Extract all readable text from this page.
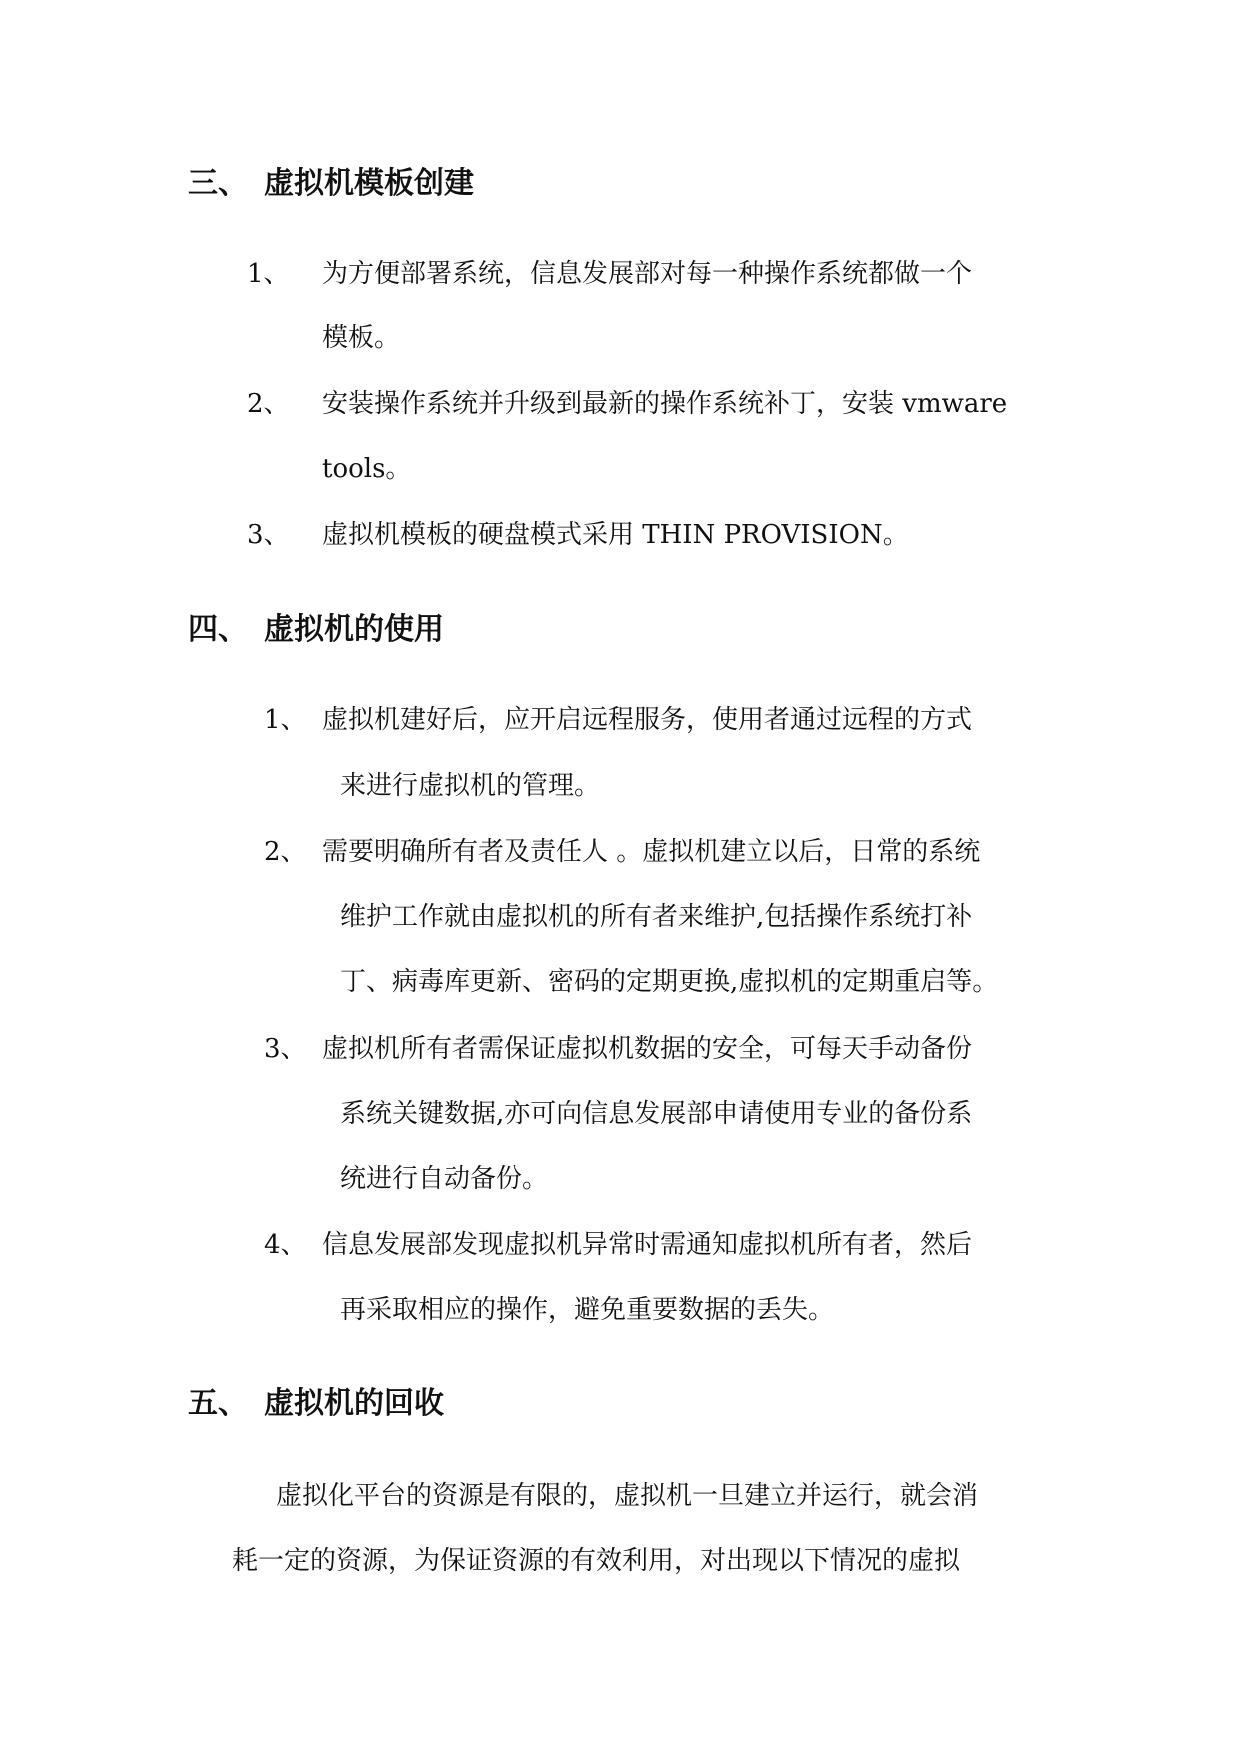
三、 虚拟机模板创建
1、 为方便部署系统，信息发展部对每一种操作系统都做一个
模板。
2、 安装操作系统并升级到最新的操作系统补丁，安装 vmware
tools。
3、 虚拟机模板的硬盘模式采用 THIN PROVISION。
四、 虚拟机的使用
1、 虚拟机建好后，应开启远程服务，使用者通过远程的方式
来进行虚拟机的管理。
2、 需要明确所有者及责任人 。虚拟机建立以后，日常的系统
维护工作就由虚拟机的所有者来维护,包括操作系统打补
丁、病毒库更新、密码的定期更换,虚拟机的定期重启等。
3、 虚拟机所有者需保证虚拟机数据的安全，可每天手动备份
系统关键数据,亦可向信息发展部申请使用专业的备份系
统进行自动备份。
4、 信息发展部发现虚拟机异常时需通知虚拟机所有者，然后
再采取相应的操作，避免重要数据的丢失。
五、 虚拟机的回收
虚拟化平台的资源是有限的，虚拟机一旦建立并运行，就会消
耗一定的资源，为保证资源的有效利用，对出现以下情况的虚拟
